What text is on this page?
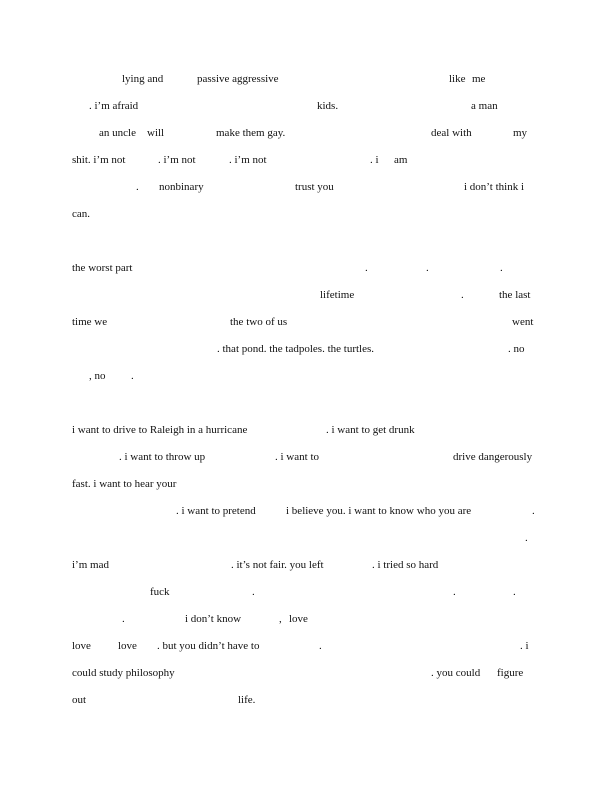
lying and	passive aggressive	like me
. i’m afraid	kids.	a man
an uncle will	make them gay.	deal with	my
shit. i’m not	. i’m not	. i’m not	. i am
. nonbinary	trust you	i don’t think i
can.
the worst part	.	.	.
lifetime	.	the last
time we	the two of us	went
. that pond. the tadpoles. the turtles.	. no
, no .
i want to drive to Raleigh in a hurricane	. i want to get drunk
. i want to throw up	. i want to	drive dangerously
fast. i want to hear your
. i want to pretend	i believe you. i want to know who you are	.
.
i’m mad	. it’s not fair. you left	. i tried so hard
fuck	.	.	.
.	i don’t know	, love
love love . but you didn’t have to	.	. i
could study philosophy	. you could figure
out	life.
